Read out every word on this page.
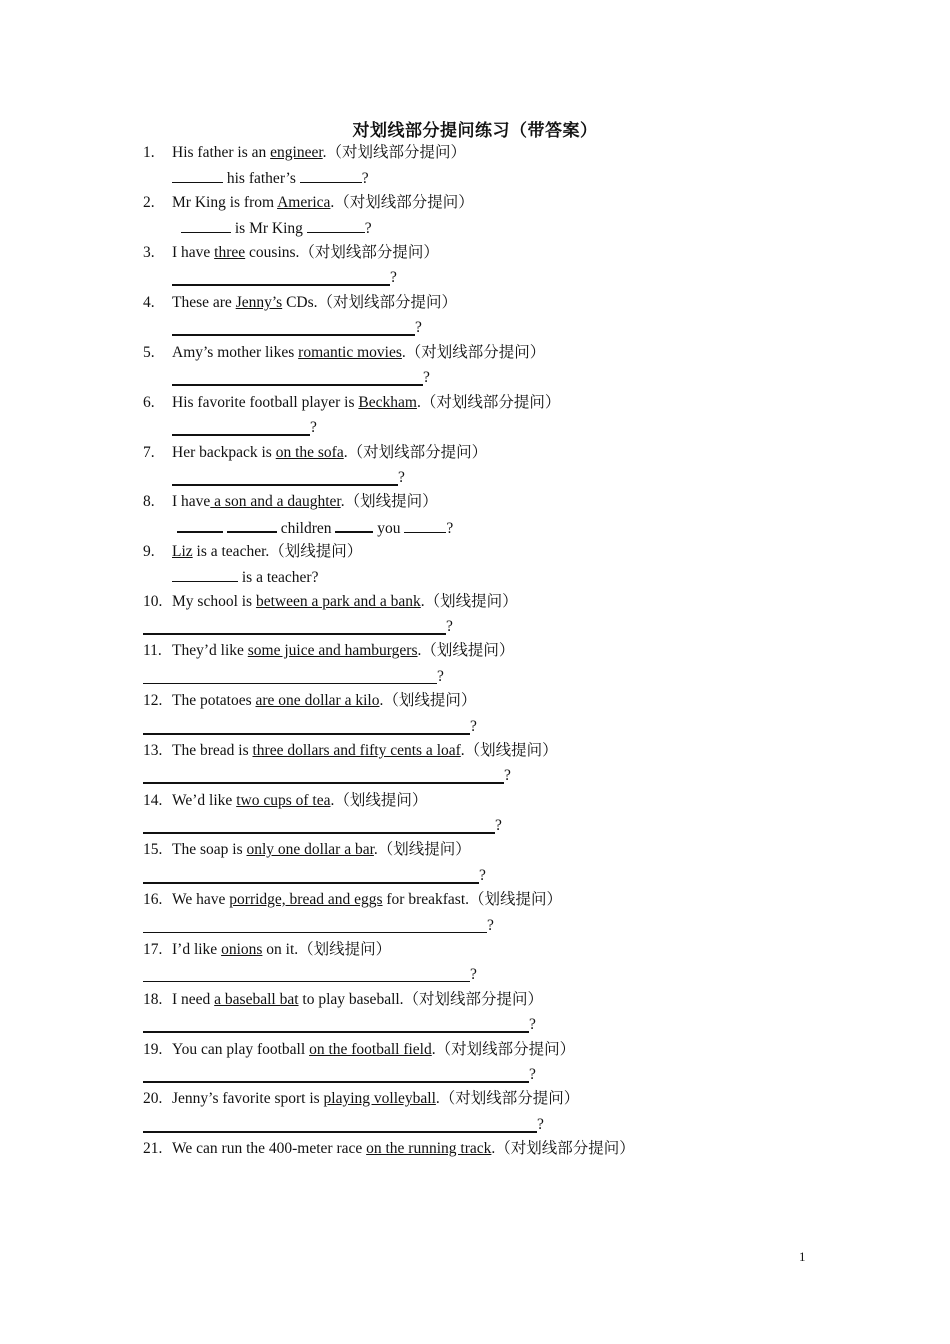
对划线部分提问练习（带答案）
1. His father is an engineer.（对划线部分提问）
his father’s	?
2. Mr King is from America.（对划线部分提问）
is Mr King	?
3. I have three cousins.（对划线部分提问）
?
4. These are Jenny’s CDs.（对划线部分提问）
?
5. Amy’s mother likes romantic movies.（对划线部分提问）
?
6. His favorite football player is Beckham.（对划线部分提问）
?
7. Her backpack is on the sofa.（对划线部分提问）
?
8. I have a son and a daughter.（划线提问）
children  you	?
9. Liz is a teacher.（划线提问）
is a teacher?
10. My school is between a park and a bank.（划线提问）
?
11. They’d like some juice and hamburgers.（划线提问）
?
12. The potatoes are one dollar a kilo.（划线提问）
?
13. The bread is three dollars and fifty cents a loaf.（划线提问）
?
14. We’d like two cups of tea.（划线提问）
?
15. The soap is only one dollar a bar.（划线提问）
?
16. We have porridge, bread and eggs for breakfast.（划线提问）
?
17. I’d like onions on it.（划线提问）
?
18. I need a baseball bat to play baseball.（对划线部分提问）
?
19. You can play football on the football field.（对划线部分提问）
?
20. Jenny’s favorite sport is playing volleyball.（对划线部分提问）
?
21. We can run the 400-meter race on the running track.（对划线部分提问）
1
